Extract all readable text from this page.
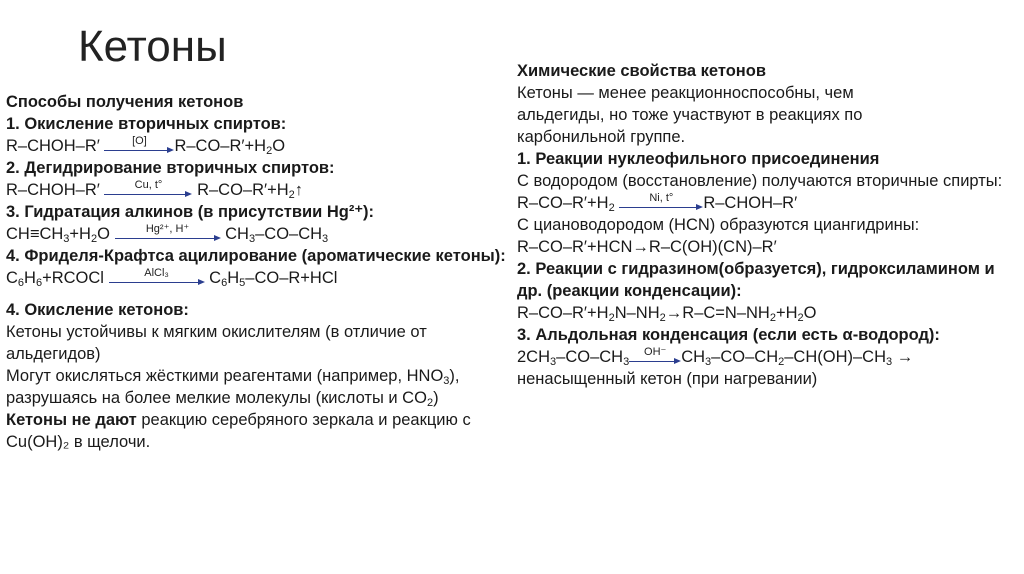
Кетоны
Способы получения кетонов
1. Окисление вторичных спиртов:
R–CHOH–R′	[O]	$R-CO-R'+H_2O$
2. Дегидрирование вторичных спиртов:
R–CHOH–R′	Cu, t°	$R-CO-R'+H_2↑$
3. Гидратация алкинов (в присутствии Hg²⁺):
$CH\equiv CH_3+H_2O$	Hg²⁺, H⁺	$CH_3-CO-CH_3$
4. Фриделя-Крафтса ацилирование (ароматические кетоны):
$C_6H_6+RCOCl$	AlCl₃	$C_6H_5-CO-R+HCl$
4. Окисление кетонов:
Кетоны устойчивы к мягким окислителям (в отличие от альдегидов)
Могут окисляться жёсткими реагентами (например, $HNO_3$), разрушаясь на более мелкие молекулы (кислоты и $CO_2$)
Кетоны не дают реакцию серебряного зеркала и реакцию с Cu(OH)₂ в щелочи.
Химические свойства кетонов
Кетоны — менее реакционноспособны, чем альдегиды, но тоже участвуют в реакциях по карбонильной группе.
1. Реакции нуклеофильного присоединения
С водородом (восстановление) получаются вторичные спирты:
$R-CO-R'+H_2$
Ni, t°	R–CHOH–R′
С циановодородом (HCN) образуются циангидрины:
R–CO–R′+HCN→R–C(OH)(CN)–R′
2. Реакции с гидразином(образуется), гидроксиламином и др. (реакции конденсации):
$R-CO-R'+H_2N-NH_2\to R-C=N-NH_2+H_2O$
3. Альдольная конденсация (если есть α-водород):
$2CH_3-CO-CH_3$
OH⁻ $CH_3-CO-CH_2-CH(OH)-CH_3$ →
ненасыщенный кетон (при нагревании)
